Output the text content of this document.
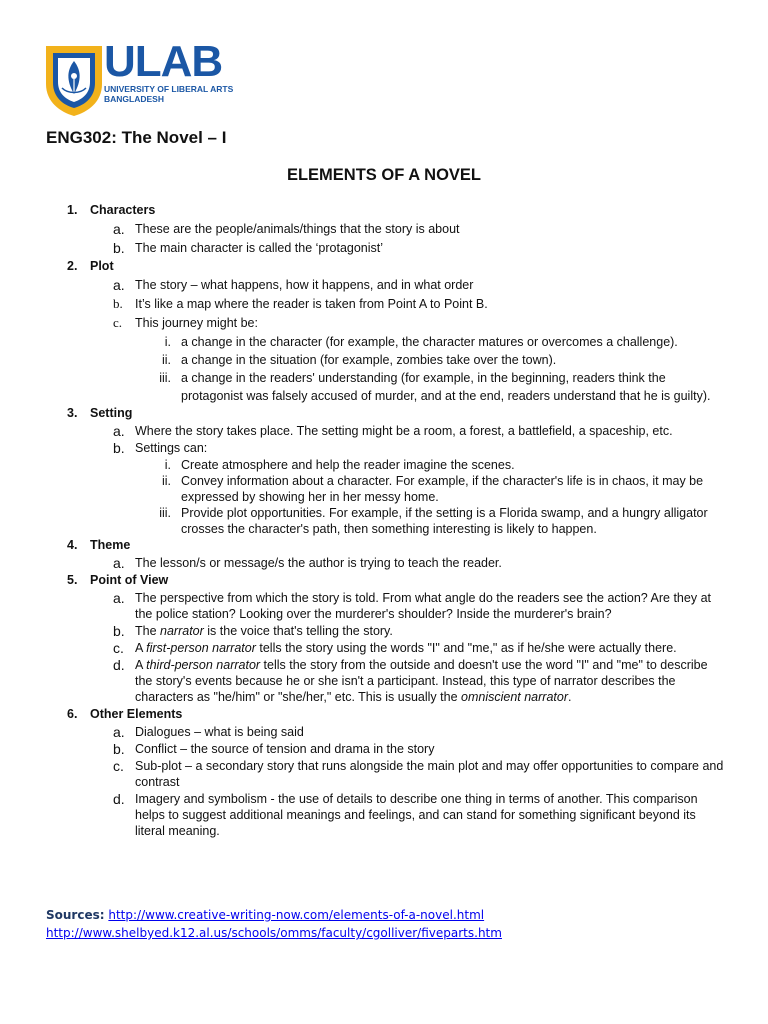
ULAB
UNIVERSITY OF LIBERAL ARTS
BANGLADESH
ENG302: The Novel – I
ELEMENTS OF A NOVEL
1. Characters
a. These are the people/animals/things that the story is about
b. The main character is called the ‘protagonist’
2. Plot
a. The story – what happens, how it happens, and in what order
b. It’s like a map where the reader is taken from Point A to Point B.
c. This journey might be:
i. a change in the character (for example, the character matures or overcomes a challenge).
ii. a change in the situation (for example, zombies take over the town).
iii. a change in the readers' understanding (for example, in the beginning, readers think the protagonist was falsely accused of murder, and at the end, readers understand that he is guilty).
3. Setting
a. Where the story takes place. The setting might be a room, a forest, a battlefield, a spaceship, etc.
b. Settings can:
i. Create atmosphere and help the reader imagine the scenes.
ii. Convey information about a character. For example, if the character's life is in chaos, it may be expressed by showing her in her messy home.
iii. Provide plot opportunities. For example, if the setting is a Florida swamp, and a hungry alligator crosses the character's path, then something interesting is likely to happen.
4. Theme
a. The lesson/s or message/s the author is trying to teach the reader.
5. Point of View
a. The perspective from which the story is told. From what angle do the readers see the action? Are they at the police station? Looking over the murderer's shoulder? Inside the murderer's brain?
b. The narrator is the voice that's telling the story.
c. A first-person narrator tells the story using the words "I" and "me," as if he/she were actually there.
d. A third-person narrator tells the story from the outside and doesn't use the word "I" and "me" to describe the story's events because he or she isn't a participant. Instead, this type of narrator describes the characters as "he/him" or "she/her," etc. This is usually the omniscient narrator.
6. Other Elements
a. Dialogues – what is being said
b. Conflict – the source of tension and drama in the story
c. Sub-plot – a secondary story that runs alongside the main plot and may offer opportunities to compare and contrast
d. Imagery and symbolism - the use of details to describe one thing in terms of another. This comparison helps to suggest additional meanings and feelings, and can stand for something significant beyond its literal meaning.
Sources: http://www.creative-writing-now.com/elements-of-a-novel.html
http://www.shelbyed.k12.al.us/schools/omms/faculty/cgolliver/fiveparts.htm
